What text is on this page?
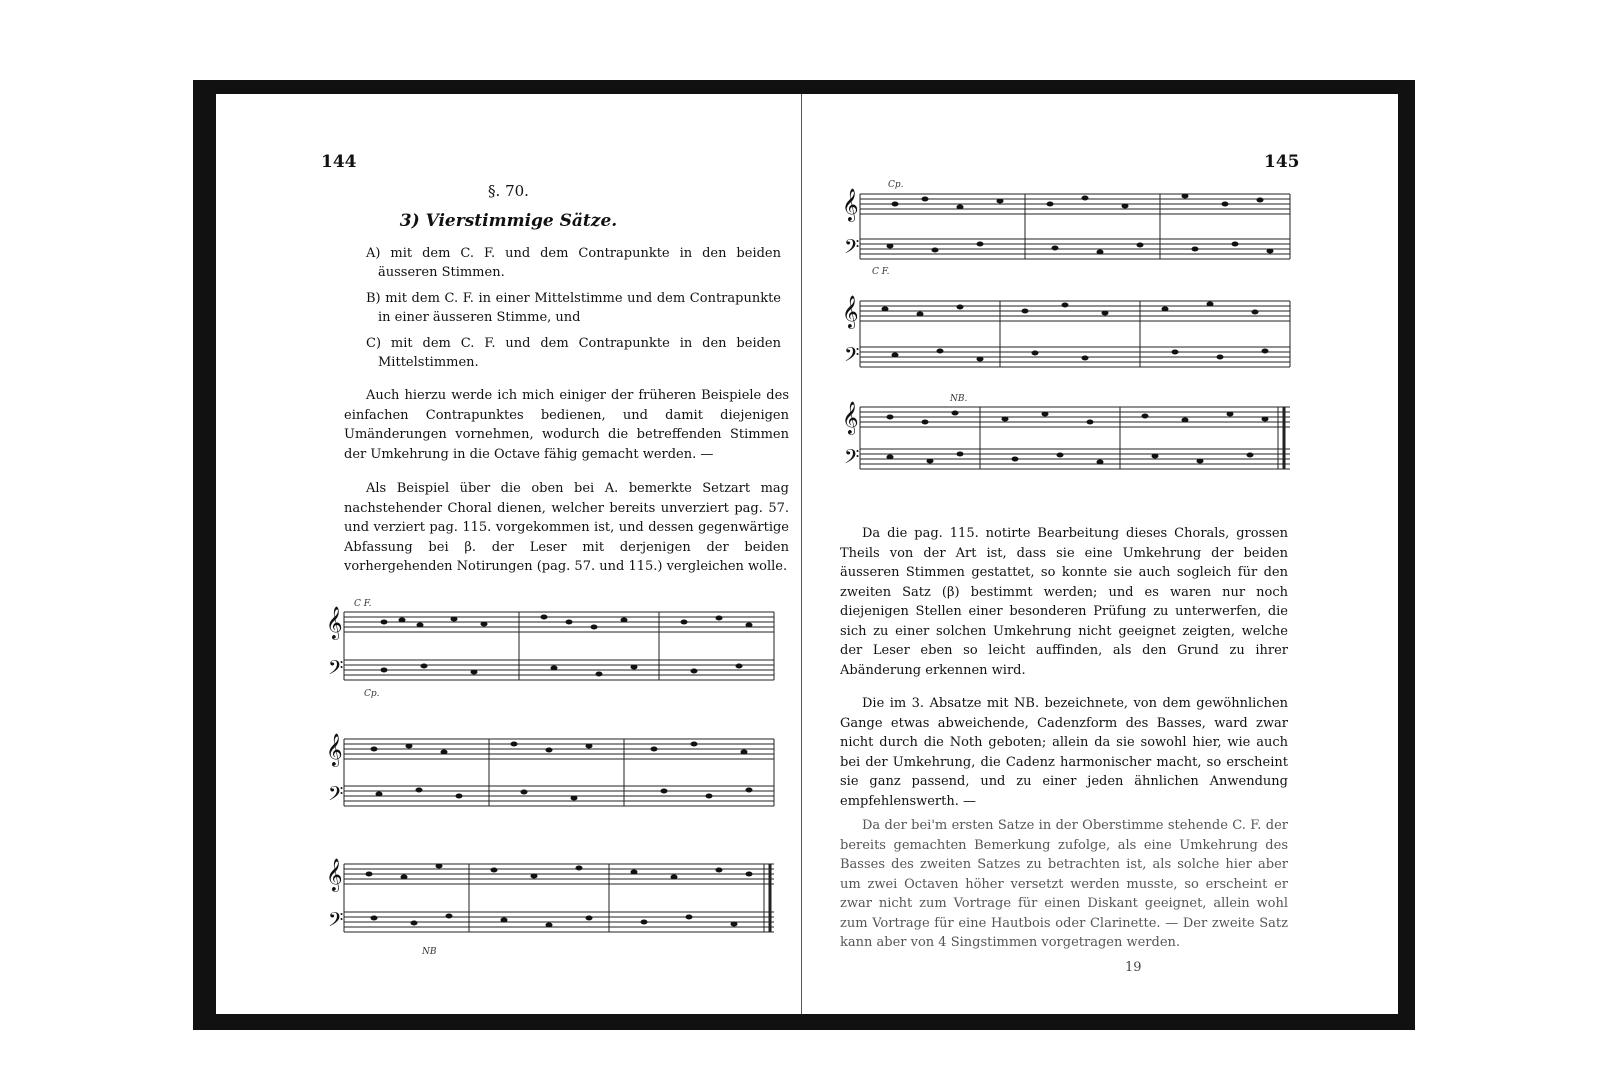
144
§. 70.
3) Vierstimmige Sätze.
A) mit dem C. F. und dem Contrapunkte in den beiden äusseren Stimmen.
B) mit dem C. F. in einer Mittelstimme und dem Contrapunkte in einer äusseren Stimme, und
C) mit dem C. F. und dem Contrapunkte in den beiden Mittelstimmen.
Auch hierzu werde ich mich einiger der früheren Beispiele des einfachen Contrapunktes bedienen, und damit diejenigen Umänderungen vornehmen, wodurch die betreffenden Stimmen der Umkehrung in die Octave fähig gemacht werden. —
Als Beispiel über die oben bei A. bemerkte Setzart mag nachstehender Choral dienen, welcher bereits unverziert pag. 57. und verziert pag. 115. vorgekommen ist, und dessen gegenwärtige Abfassung bei β. der Leser mit derjenigen der beiden vorhergehenden Notirungen (pag. 57. und 115.) vergleichen wolle.
𝄞
𝄢
C F.
Cp.
𝄞
𝄢
𝄞
𝄢
NB
145
𝄞
𝄢
Cp.
C F.
𝄞
𝄢
𝄞
𝄢
NB.
Da die pag. 115. notirte Bearbeitung dieses Chorals, grossen Theils von der Art ist, dass sie eine Umkehrung der beiden äusseren Stimmen gestattet, so konnte sie auch sogleich für den zweiten Satz (β) bestimmt werden; und es waren nur noch diejenigen Stellen einer besonderen Prüfung zu unterwerfen, die sich zu einer solchen Umkehrung nicht geeignet zeigten, welche der Leser eben so leicht auffinden, als den Grund zu ihrer Abänderung erkennen wird.
Die im 3. Absatze mit NB. bezeichnete, von dem gewöhnlichen Gange etwas abweichende, Cadenzform des Basses, ward zwar nicht durch die Noth geboten; allein da sie sowohl hier, wie auch bei der Umkehrung, die Cadenz harmonischer macht, so erscheint sie ganz passend, und zu einer jeden ähnlichen Anwendung empfehlenswerth. —
Da der bei'm ersten Satze in der Oberstimme stehende C. F. der bereits gemachten Bemerkung zufolge, als eine Umkehrung des Basses des zweiten Satzes zu betrachten ist, als solche hier aber um zwei Octaven höher versetzt werden musste, so erscheint er zwar nicht zum Vortrage für einen Diskant geeignet, allein wohl zum Vortrage für eine Hautbois oder Clarinette. — Der zweite Satz kann aber von 4 Singstimmen vorgetragen werden.
19
